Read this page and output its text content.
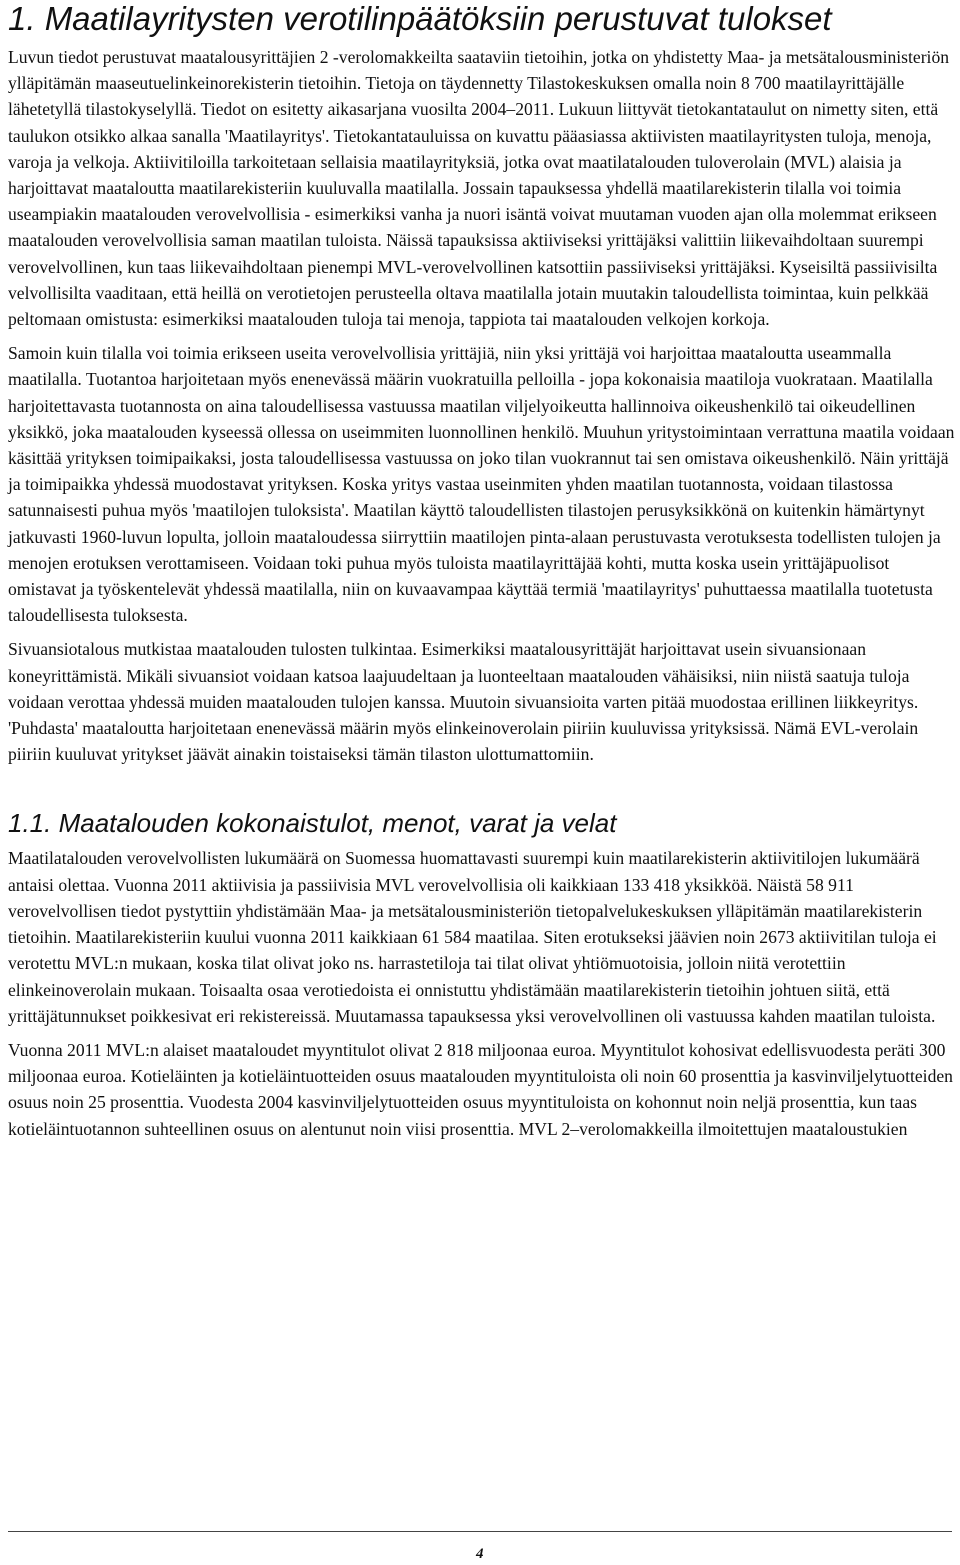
1. Maatilayritysten verotilinpäätöksiin perustuvat tulokset

Luvun tiedot perustuvat maatalousyrittäjien 2 -verolomakkeilta saataviin tietoihin, jotka on yhdistetty Maa- ja metsätalousministeriön ylläpitämän maaseutuelinkeinorekisterin tietoihin. Tietoja on täydennetty Tilastokeskuksen omalla noin 8 700 maatilayrittäjälle lähetetyllä tilastokyselyllä. Tiedot on esitetty aikasarjana vuosilta 2004–2011. Lukuun liittyvät tietokantataulut on nimetty siten, että taulukon otsikko alkaa sanalla 'Maatilayritys'. Tietokantatauluissa on kuvattu pääasiassa aktiivisten maatilayritysten tuloja, menoja, varoja ja velkoja. Aktiivitiloilla tarkoitetaan sellaisia maatilayrityksiä, jotka ovat maatilatalouden tuloverolain (MVL) alaisia ja harjoittavat maataloutta maatilarekisteriin kuuluvalla maatilalla. Jossain tapauksessa yhdellä maatilarekisterin tilalla voi toimia useampiakin maatalouden verovelvollisia - esimerkiksi vanha ja nuori isäntä voivat muutaman vuoden ajan olla molemmat erikseen maatalouden verovelvollisia saman maatilan tuloista. Näissä tapauksissa aktiiviseksi yrittäjäksi valittiin liikevaihdoltaan suurempi verovelvollinen, kun taas liikevaihdoltaan pienempi MVL-verovelvollinen katsottiin passiiviseksi yrittäjäksi. Kyseisiltä passiivisilta velvollisilta vaaditaan, että heillä on verotietojen perusteella oltava maatilalla jotain muutakin taloudellista toimintaa, kuin pelkkää peltomaan omistusta: esimerkiksi maatalouden tuloja tai menoja, tappiota tai maatalouden velkojen korkoja.

Samoin kuin tilalla voi toimia erikseen useita verovelvollisia yrittäjiä, niin yksi yrittäjä voi harjoittaa maataloutta useammalla maatilalla. Tuotantoa harjoitetaan myös enenevässä määrin vuokratuilla pelloilla - jopa kokonaisia maatiloja vuokrataan. Maatilalla harjoitettavasta tuotannosta on aina taloudellisessa vastuussa maatilan viljelyoikeutta hallinnoiva oikeushenkilö tai oikeudellinen yksikkö, joka maatalouden kyseessä ollessa on useimmiten luonnollinen henkilö. Muuhun yritystoimintaan verrattuna maatila voidaan käsittää yrityksen toimipaikaksi, josta taloudellisessa vastuussa on joko tilan vuokrannut tai sen omistava oikeushenkilö. Näin yrittäjä ja toimipaikka yhdessä muodostavat yrityksen. Koska yritys vastaa useinmiten yhden maatilan tuotannosta, voidaan tilastossa satunnaisesti puhua myös 'maatilojen tuloksista'. Maatilan käyttö taloudellisten tilastojen perusyksikkönä on kuitenkin hämärtynyt jatkuvasti 1960-luvun lopulta, jolloin maataloudessa siirryttiin maatilojen pinta-alaan perustuvasta verotuksesta todellisten tulojen ja menojen erotuksen verottamiseen. Voidaan toki puhua myös tuloista maatilayrittäjää kohti, mutta koska usein yrittäjäpuolisot omistavat ja työskentelevät yhdessä maatilalla, niin on kuvaavampaa käyttää termiä 'maatilayritys' puhuttaessa maatilalla tuotetusta taloudellisesta tuloksesta.

Sivuansiotalous mutkistaa maatalouden tulosten tulkintaa. Esimerkiksi maatalousyrittäjät harjoittavat usein sivuansionaan koneyrittämistä. Mikäli sivuansiot voidaan katsoa laajuudeltaan ja luonteeltaan maatalouden vähäisiksi, niin niistä saatuja tuloja voidaan verottaa yhdessä muiden maatalouden tulojen kanssa. Muutoin sivuansioita varten pitää muodostaa erillinen liikkeyritys. 'Puhdasta' maataloutta harjoitetaan enenevässä määrin myös elinkeinoverolain piiriin kuuluvissa yrityksissä. Nämä EVL-verolain piiriin kuuluvat yritykset jäävät ainakin toistaiseksi tämän tilaston ulottumattomiin.

1.1. Maatalouden kokonaistulot, menot, varat ja velat

Maatilatalouden verovelvollisten lukumäärä on Suomessa huomattavasti suurempi kuin maatilarekisterin aktiivitilojen lukumäärä antaisi olettaa. Vuonna 2011 aktiivisia ja passiivisia MVL verovelvollisia oli kaikkiaan 133 418 yksikköä. Näistä 58 911 verovelvollisen tiedot pystyttiin yhdistämään Maa- ja metsätalousministeriön tietopalvelukeskuksen ylläpitämän maatilarekisterin tietoihin. Maatilarekisteriin kuului vuonna 2011 kaikkiaan 61 584 maatilaa. Siten erotukseksi jäävien noin 2673 aktiivitilan tuloja ei verotettu MVL:n mukaan, koska tilat olivat joko ns. harrastetiloja tai tilat olivat yhtiömuotoisia, jolloin niitä verotettiin elinkeinoverolain mukaan. Toisaalta osaa verotiedoista ei onnistuttu yhdistämään maatilarekisterin tietoihin johtuen siitä, että yrittäjätunnukset poikkesivat eri rekistereissä. Muutamassa tapauksessa yksi verovelvollinen oli vastuussa kahden maatilan tuloista.

Vuonna 2011 MVL:n alaiset maataloudet myyntitulot olivat 2 818 miljoonaa euroa. Myyntitulot kohosivat edellisvuodesta peräti 300 miljoonaa euroa. Kotieläinten ja kotieläintuotteiden osuus maatalouden myyntituloista oli noin 60 prosenttia ja kasvinviljelytuotteiden osuus noin 25 prosenttia. Vuodesta 2004 kasvinviljelytuotteiden osuus myyntituloista on kohonnut noin neljä prosenttia, kun taas kotieläintuotannon suhteellinen osuus on alentunut noin viisi prosenttia. MVL 2–verolomakkeilla ilmoitettujen maataloustukien

4
